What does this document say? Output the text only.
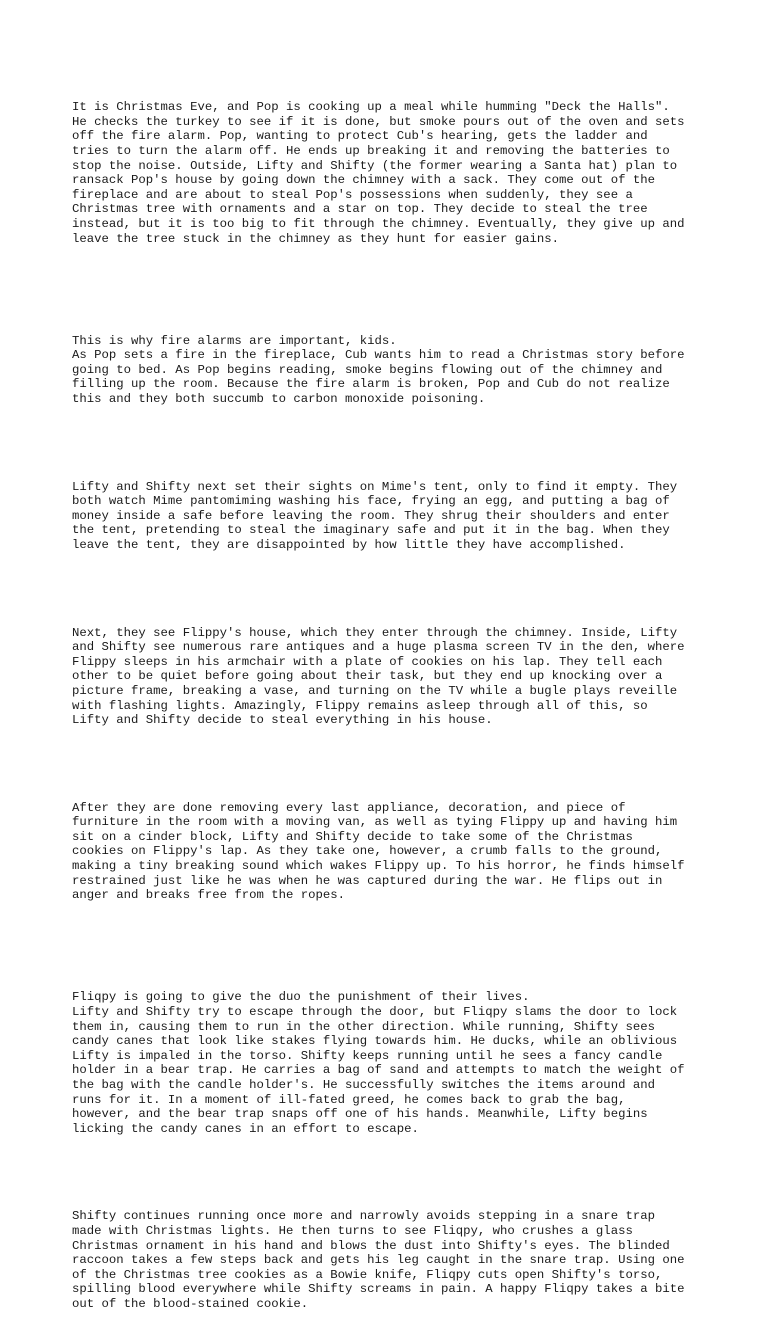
It is Christmas Eve, and Pop is cooking up a meal while humming "Deck the Halls".
He checks the turkey to see if it is done, but smoke pours out of the oven and sets
off the fire alarm. Pop, wanting to protect Cub's hearing, gets the ladder and
tries to turn the alarm off. He ends up breaking it and removing the batteries to
stop the noise. Outside, Lifty and Shifty (the former wearing a Santa hat) plan to
ransack Pop's house by going down the chimney with a sack. They come out of the
fireplace and are about to steal Pop's possessions when suddenly, they see a
Christmas tree with ornaments and a star on top. They decide to steal the tree
instead, but it is too big to fit through the chimney. Eventually, they give up and
leave the tree stuck in the chimney as they hunt for easier gains.

This is why fire alarms are important, kids.
As Pop sets a fire in the fireplace, Cub wants him to read a Christmas story before
going to bed. As Pop begins reading, smoke begins flowing out of the chimney and
filling up the room. Because the fire alarm is broken, Pop and Cub do not realize
this and they both succumb to carbon monoxide poisoning.

Lifty and Shifty next set their sights on Mime's tent, only to find it empty. They
both watch Mime pantomiming washing his face, frying an egg, and putting a bag of
money inside a safe before leaving the room. They shrug their shoulders and enter
the tent, pretending to steal the imaginary safe and put it in the bag. When they
leave the tent, they are disappointed by how little they have accomplished.

Next, they see Flippy's house, which they enter through the chimney. Inside, Lifty
and Shifty see numerous rare antiques and a huge plasma screen TV in the den, where
Flippy sleeps in his armchair with a plate of cookies on his lap. They tell each
other to be quiet before going about their task, but they end up knocking over a
picture frame, breaking a vase, and turning on the TV while a bugle plays reveille
with flashing lights. Amazingly, Flippy remains asleep through all of this, so
Lifty and Shifty decide to steal everything in his house.

After they are done removing every last appliance, decoration, and piece of
furniture in the room with a moving van, as well as tying Flippy up and having him
sit on a cinder block, Lifty and Shifty decide to take some of the Christmas
cookies on Flippy's lap. As they take one, however, a crumb falls to the ground,
making a tiny breaking sound which wakes Flippy up. To his horror, he finds himself
restrained just like he was when he was captured during the war. He flips out in
anger and breaks free from the ropes.

Fliqpy is going to give the duo the punishment of their lives.
Lifty and Shifty try to escape through the door, but Fliqpy slams the door to lock
them in, causing them to run in the other direction. While running, Shifty sees
candy canes that look like stakes flying towards him. He ducks, while an oblivious
Lifty is impaled in the torso. Shifty keeps running until he sees a fancy candle
holder in a bear trap. He carries a bag of sand and attempts to match the weight of
the bag with the candle holder's. He successfully switches the items around and
runs for it. In a moment of ill-fated greed, he comes back to grab the bag,
however, and the bear trap snaps off one of his hands. Meanwhile, Lifty begins
licking the candy canes in an effort to escape.

Shifty continues running once more and narrowly avoids stepping in a snare trap
made with Christmas lights. He then turns to see Fliqpy, who crushes a glass
Christmas ornament in his hand and blows the dust into Shifty's eyes. The blinded
raccoon takes a few steps back and gets his leg caught in the snare trap. Using one
of the Christmas tree cookies as a Bowie knife, Fliqpy cuts open Shifty's torso,
spilling blood everywhere while Shifty screams in pain. A happy Fliqpy takes a bite
out of the blood-stained cookie.
